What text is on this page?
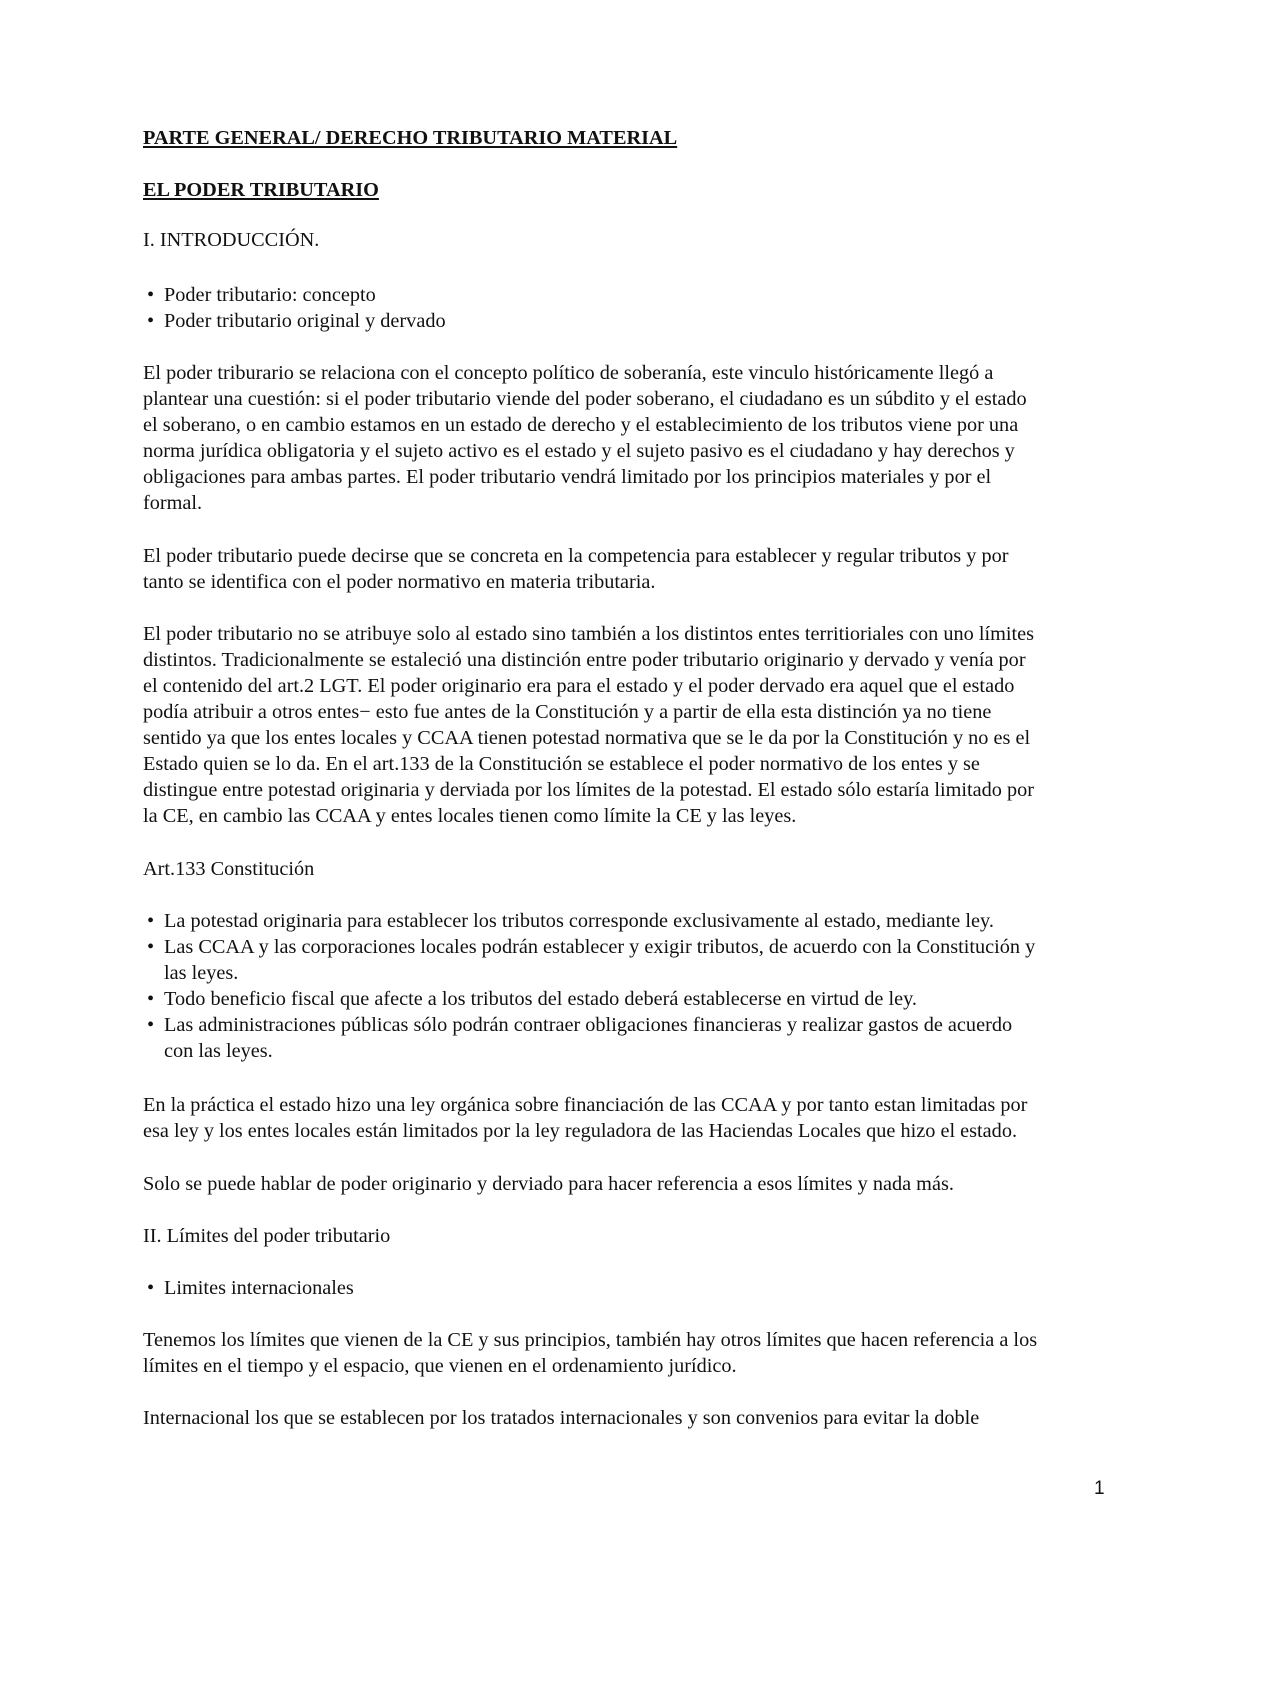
PARTE GENERAL/ DERECHO TRIBUTARIO MATERIAL
EL PODER TRIBUTARIO
I. INTRODUCCIÓN.
• Poder tributario: concepto
• Poder tributario original y dervado
El poder triburario se relaciona con el concepto político de soberanía, este vinculo históricamente llegó a
plantear una cuestión: si el poder tributario viende del poder soberano, el ciudadano es un súbdito y el estado
el soberano, o en cambio estamos en un estado de derecho y el establecimiento de los tributos viene por una
norma jurídica obligatoria y el sujeto activo es el estado y el sujeto pasivo es el ciudadano y hay derechos y
obligaciones para ambas partes. El poder tributario vendrá limitado por los principios materiales y por el
formal.
El poder tributario puede decirse que se concreta en la competencia para establecer y regular tributos y por
tanto se identifica con el poder normativo en materia tributaria.
El poder tributario no se atribuye solo al estado sino también a los distintos entes territioriales con uno límites
distintos. Tradicionalmente se estaleció una distinción entre poder tributario originario y dervado y venía por
el contenido del art.2 LGT. El poder originario era para el estado y el poder dervado era aquel que el estado
podía atribuir a otros entes− esto fue antes de la Constitución y a partir de ella esta distinción ya no tiene
sentido ya que los entes locales y CCAA tienen potestad normativa que se le da por la Constitución y no es el
Estado quien se lo da. En el art.133 de la Constitución se establece el poder normativo de los entes y se
distingue entre potestad originaria y derviada por los límites de la potestad. El estado sólo estaría limitado por
la CE, en cambio las CCAA y entes locales tienen como límite la CE y las leyes.
Art.133 Constitución
• La potestad originaria para establecer los tributos corresponde exclusivamente al estado, mediante ley.
• Las CCAA y las corporaciones locales podrán establecer y exigir tributos, de acuerdo con la Constitución y
las leyes.
• Todo beneficio fiscal que afecte a los tributos del estado deberá establecerse en virtud de ley.
• Las administraciones públicas sólo podrán contraer obligaciones financieras y realizar gastos de acuerdo
con las leyes.
En la práctica el estado hizo una ley orgánica sobre financiación de las CCAA y por tanto estan limitadas por
esa ley y los entes locales están limitados por la ley reguladora de las Haciendas Locales que hizo el estado.
Solo se puede hablar de poder originario y derviado para hacer referencia a esos límites y nada más.
II. Límites del poder tributario
• Limites internacionales
Tenemos los límites que vienen de la CE y sus principios, también hay otros límites que hacen referencia a los
límites en el tiempo y el espacio, que vienen en el ordenamiento jurídico.
Internacional los que se establecen por los tratados internacionales y son convenios para evitar la doble
1
